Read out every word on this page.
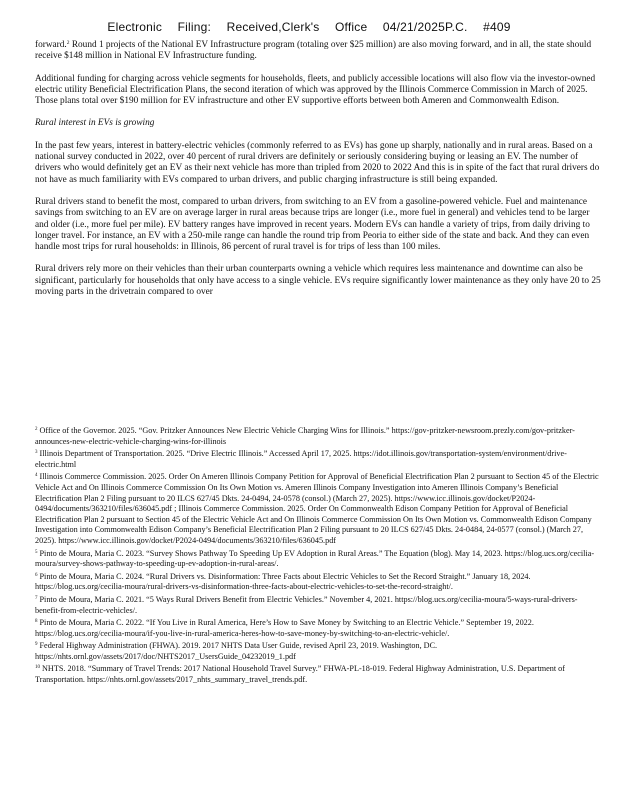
Electronic Filing: Received,Clerk's Office 04/21/2025P.C. #409

forward.$^2$ Round 1 projects of the National EV Infrastructure program (totaling over $25 million) are also moving forward, and in all, the state should receive $148 million in National EV Infrastructure funding.

Additional funding for charging across vehicle segments for households, fleets, and publicly accessible locations will also flow via the investor-owned electric utility Beneficial Electrification Plans, the second iteration of which was approved by the Illinois Commerce Commission in March of 2025. Those plans total over $190 million for EV infrastructure and other EV supportive efforts between both Ameren and Commonwealth Edison.

Rural interest in EVs is growing

In the past few years, interest in battery-electric vehicles (commonly referred to as EVs) has gone up sharply, nationally and in rural areas. Based on a national survey conducted in 2022, over 40 percent of rural drivers are definitely or seriously considering buying or leasing an EV. The number of drivers who would definitely get an EV as their next vehicle has more than tripled from 2020 to 2022 And this is in spite of the fact that rural drivers do not have as much familiarity with EVs compared to urban drivers, and public charging infrastructure is still being expanded.

Rural drivers stand to benefit the most, compared to urban drivers, from switching to an EV from a gasoline-powered vehicle. Fuel and maintenance savings from switching to an EV are on average larger in rural areas because trips are longer (i.e., more fuel in general) and vehicles tend to be larger and older (i.e., more fuel per mile). EV battery ranges have improved in recent years. Modern EVs can handle a variety of trips, from daily driving to longer travel. For instance, an EV with a 250-mile range can handle the round trip from Peoria to either side of the state and back. And they can even handle most trips for rural households: in Illinois, 86 percent of rural travel is for trips of less than 100 miles.

Rural drivers rely more on their vehicles than their urban counterparts owning a vehicle which requires less maintenance and downtime can also be significant, particularly for households that only have access to a single vehicle. EVs require significantly lower maintenance as they only have 20 to 25 moving parts in the drivetrain compared to over

$^2$ Office of the Governor. 2025. “Gov. Pritzker Announces New Electric Vehicle Charging Wins for Illinois.” https://gov-pritzker-newsroom.prezly.com/gov-pritzker-announces-new-electric-vehicle-charging-wins-for-illinois
$^3$ Illinois Department of Transportation. 2025. “Drive Electric Illinois.” Accessed April 17, 2025. https://idot.illinois.gov/transportation-system/environment/drive-electric.html
$^4$ Illinois Commerce Commission. 2025. Order On Ameren Illinois Company Petition for Approval of Beneficial Electrification Plan 2 pursuant to Section 45 of the Electric Vehicle Act and On Illinois Commerce Commission On Its Own Motion vs. Ameren Illinois Company Investigation into Ameren Illinois Company’s Beneficial Electrification Plan 2 Filing pursuant to 20 ILCS 627/45 Dkts. 24-0494, 24-0578 (consol.) (March 27, 2025). https://www.icc.illinois.gov/docket/P2024-0494/documents/363210/files/636045.pdf ; Illinois Commerce Commission. 2025. Order On Commonwealth Edison Company Petition for Approval of Beneficial Electrification Plan 2 pursuant to Section 45 of the Electric Vehicle Act and On Illinois Commerce Commission On Its Own Motion vs. Commonwealth Edison Company Investigation into Commonwealth Edison Company’s Beneficial Electrification Plan 2 Filing pursuant to 20 ILCS 627/45 Dkts. 24-0484, 24-0577 (consol.) (March 27, 2025). https://www.icc.illinois.gov/docket/P2024-0494/documents/363210/files/636045.pdf
$^5$ Pinto de Moura, Maria C. 2023. “Survey Shows Pathway To Speeding Up EV Adoption in Rural Areas.” The Equation (blog). May 14, 2023. https://blog.ucs.org/cecilia-moura/survey-shows-pathway-to-speeding-up-ev-adoption-in-rural-areas/.
$^6$ Pinto de Moura, Maria C. 2024. “Rural Drivers vs. Disinformation: Three Facts about Electric Vehicles to Set the Record Straight.” January 18, 2024. https://blog.ucs.org/cecilia-moura/rural-drivers-vs-disinformation-three-facts-about-electric-vehicles-to-set-the-record-straight/.
$^7$ Pinto de Moura, Maria C. 2021. “5 Ways Rural Drivers Benefit from Electric Vehicles.” November 4, 2021. https://blog.ucs.org/cecilia-moura/5-ways-rural-drivers-benefit-from-electric-vehicles/.
$^8$ Pinto de Moura, Maria C. 2022. “If You Live in Rural America, Here’s How to Save Money by Switching to an Electric Vehicle.” September 19, 2022. https://blog.ucs.org/cecilia-moura/if-you-live-in-rural-america-heres-how-to-save-money-by-switching-to-an-electric-vehicle/.
$^9$ Federal Highway Administration (FHWA). 2019. 2017 NHTS Data User Guide, revised April 23, 2019. Washington, DC. https://nhts.ornl.gov/assets/2017/doc/NHTS2017_UsersGuide_04232019_1.pdf
$^{10}$ NHTS. 2018. “Summary of Travel Trends: 2017 National Household Travel Survey.” FHWA-PL-18-019. Federal Highway Administration, U.S. Department of Transportation. https://nhts.ornl.gov/assets/2017_nhts_summary_travel_trends.pdf.
